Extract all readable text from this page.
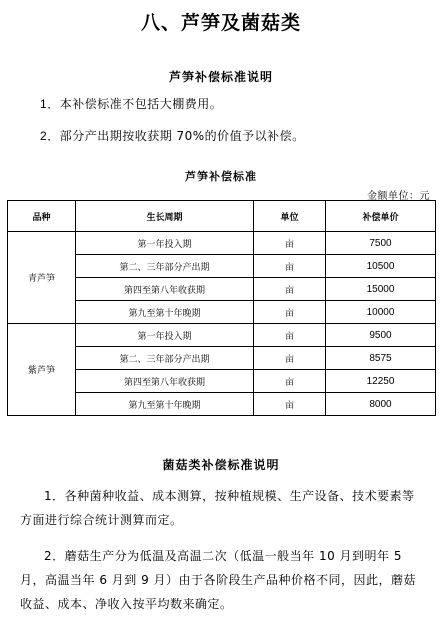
八、芦笋及菌菇类
芦笋补偿标准说明
1．本补偿标准不包括大棚费用。
2．部分产出期按收获期 70%的价值予以补偿。
芦笋补偿标准
金额单位：元
品种	生长周期	单位	补偿单价
青芦笋	第一年投入期	亩	7500
	第二、三年部分产出期	亩	10500
	第四至第八年收获期	亩	15000
	第九至第十年晚期	亩	10000
紫芦笋	第一年投入期	亩	9500
	第二、三年部分产出期	亩	8575
	第四至第八年收获期	亩	12250
	第九至第十年晚期	亩	8000
菌菇类补偿标准说明
1．各种菌种收益、成本测算，按种植规模、生产设备、技术要素等方面进行综合统计测算而定。
2．蘑菇生产分为低温及高温二次（低温一般当年 10 月到明年 5 月，高温当年 6 月到 9 月）由于各阶段生产品种价格不同，因此，蘑菇收益、成本、净收入按平均数来确定。
